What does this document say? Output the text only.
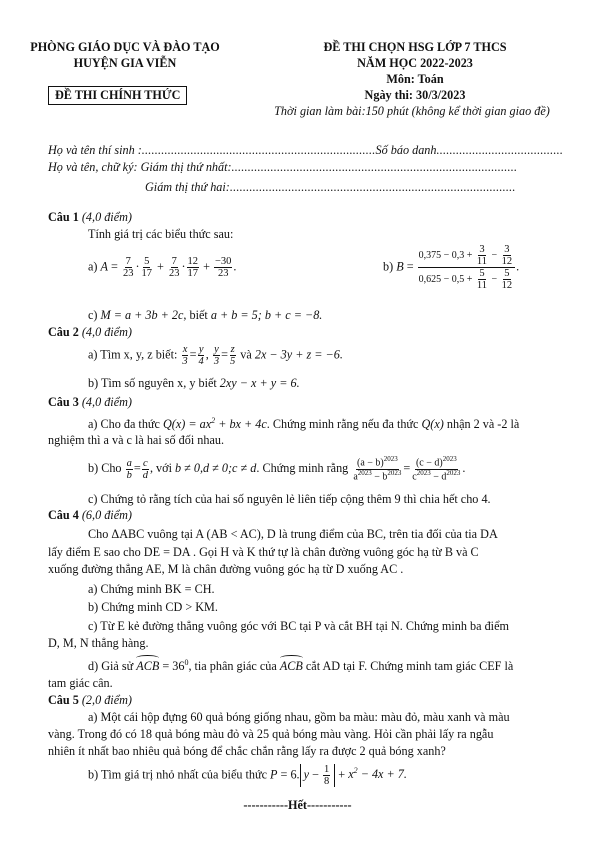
PHÒNG GIÁO DỤC VÀ ĐÀO TẠO
HUYỆN GIA VIỄN
ĐỀ THI CHÍNH THỨC
ĐỀ THI CHỌN HSG LỚP 7 THCS
NĂM HỌC 2022-2023
Môn: Toán
Ngày thi: 30/3/2023
Thời gian làm bài:150 phút (không kể thời gian giao đề)
Họ và tên thí sinh :........................................................................Số báo danh.......................................
Họ và tên, chữ ký: Giám thị thứ nhất:........................................................................................
Giám thị thứ hai:........................................................................................
Câu 1 (4,0 điểm)
Tính giá trị các biểu thức sau:
a) $A = \frac{7}{23} \cdot \frac{5}{17} + \frac{7}{23} \cdot \frac{12}{17} + \frac{-30}{23}$ .	b) $B = \frac{0,375 - 0,3 + \frac{3}{11} - \frac{3}{12}}{0,625 - 0,5 + \frac{5}{11} - \frac{5}{12}}$ .
c) M = a + 3b + 2c, biết a + b = 5; b + c = −8.
Câu 2 (4,0 điểm)
a) Tìm x, y, z biết: $\frac{x}{3} = \frac{y}{4}$ , $\frac{y}{3} = \frac{z}{5}$ và 2x − 3y + z = −6.
b) Tìm số nguyên x, y biết 2xy − x + y = 6.
Câu 3 (4,0 điểm)
a) Cho đa thức $Q(x) = ax^2$ + bx + 4c. Chứng minh rằng nếu đa thức Q(x) nhận 2 và -2 là
nghiệm thì a và c là hai số đối nhau.
b) Cho $\frac{a}{b} = \frac{c}{d}$ , với b ≠ 0,d ≠ 0;c ≠ d. Chứng minh rằng $\frac{(a - b)^{2023}}{a^{2023} - b^{2023}} = \frac{(c - d)^{2023}}{c^{2023} - d^{2023}}$ .
c) Chứng tỏ rằng tích của hai số nguyên lẻ liên tiếp cộng thêm 9 thì chia hết cho 4.
Câu 4 (6,0 điểm)
Cho ΔABC vuông tại A (AB < AC), D là trung điểm của BC, trên tia đối của tia DA
lấy điểm E sao cho DE = DA . Gọi H và K thứ tự là chân đường vuông góc hạ từ B và C
xuống đường thẳng AE, M là chân đường vuông góc hạ từ D xuống AC .
a) Chứng minh BK = CH.
b) Chứng minh CD > KM.
c) Từ E kẻ đường thẳng vuông góc với BC tại P và cắt BH tại N. Chứng minh ba điểm
D, M, N thẳng hàng.
d) Giả sử ACB = $36^0$, tia phân giác của ACB cắt AD tại F. Chứng minh tam giác CEF là
tam giác cân.
Câu 5 (2,0 điểm)
a) Một cái hộp đựng 60 quả bóng giống nhau, gồm ba màu: màu đỏ, màu xanh và màu
vàng. Trong đó có 18 quả bóng màu đỏ và 25 quả bóng màu vàng. Hỏi cần phải lấy ra ngẫu
nhiên ít nhất bao nhiêu quả bóng để chắc chắn rằng lấy ra được 2 quả bóng xanh?
b) Tìm giá trị nhỏ nhất của biểu thức P = 6. $y - \frac{1}{8} + x^2 - 4x + 7$.
-----------Hết-----------
